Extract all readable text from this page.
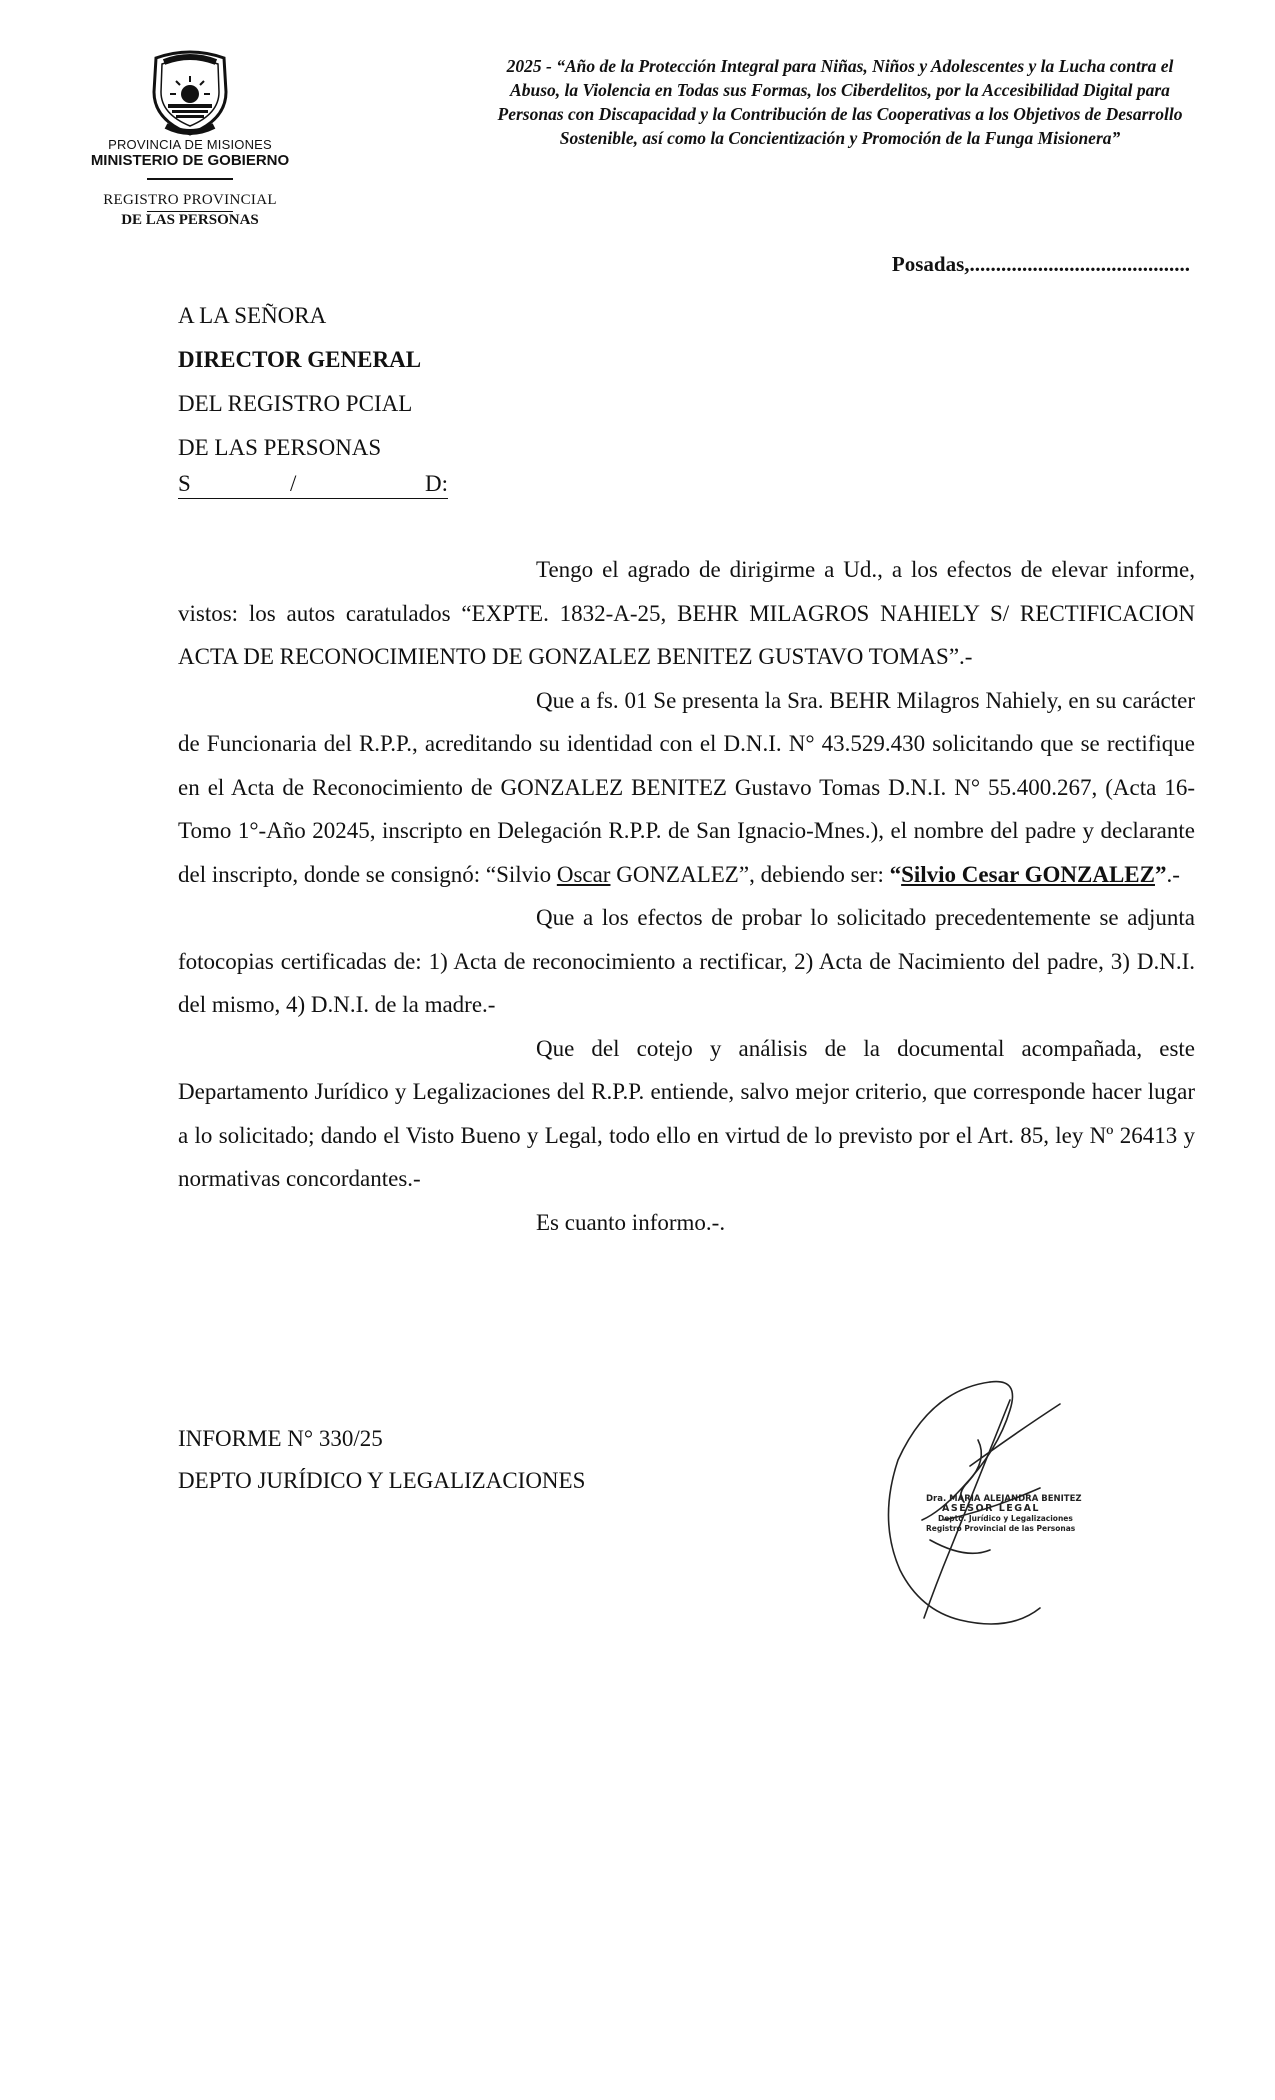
PROVINCIA DE MISIONES
MINISTERIO DE GOBIERNO
REGISTRO PROVINCIAL
DE LAS PERSONAS
2025 - “Año de la Protección Integral para Niñas, Niños y Adolescentes y la Lucha contra el Abuso, la Violencia en Todas sus Formas, los Ciberdelitos, por la Accesibilidad Digital para Personas con Discapacidad y la Contribución de las Cooperativas a los Objetivos de Desarrollo Sostenible, así como la Concientización y Promoción de la Funga Misionera”
Posadas,..........................................
A LA SEÑORA
DIRECTOR GENERAL
DEL REGISTRO PCIAL
DE LAS PERSONAS
S	/	D:

Tengo el agrado de dirigirme a Ud., a los efectos de elevar informe, vistos: los autos caratulados “EXPTE. 1832-A-25, BEHR MILAGROS NAHIELY S/ RECTIFICACION ACTA DE RECONOCIMIENTO DE GONZALEZ BENITEZ GUSTAVO TOMAS”.-

Que a fs. 01 Se presenta la Sra. BEHR Milagros Nahiely, en su carácter de Funcionaria del R.P.P., acreditando su identidad con el D.N.I. N° 43.529.430 solicitando que se rectifique en el Acta de Reconocimiento de GONZALEZ BENITEZ Gustavo Tomas D.N.I. N° 55.400.267, (Acta 16-Tomo 1°-Año 20245, inscripto en Delegación R.P.P. de San Ignacio-Mnes.), el nombre del padre y declarante del inscripto, donde se consignó: “Silvio Oscar GONZALEZ”, debiendo ser: “Silvio Cesar GONZALEZ”.-

Que a los efectos de probar lo solicitado precedentemente se adjunta fotocopias certificadas de: 1) Acta de reconocimiento a rectificar, 2) Acta de Nacimiento del padre, 3) D.N.I. del mismo, 4) D.N.I. de la madre.-

Que del cotejo y análisis de la documental acompañada, este Departamento Jurídico y Legalizaciones del R.P.P. entiende, salvo mejor criterio, que corresponde hacer lugar a lo solicitado; dando el Visto Bueno y Legal, todo ello en virtud de lo previsto por el Art. 85, ley Nº 26413 y normativas concordantes.-

Es cuanto informo.-.

INFORME N° 330/25
DEPTO JURÍDICO Y LEGALIZACIONES
Dra. MARIA ALEJANDRA BENITEZ
ASESOR LEGAL
Depto. Jurídico y Legalizaciones
Registro Provincial de las Personas
